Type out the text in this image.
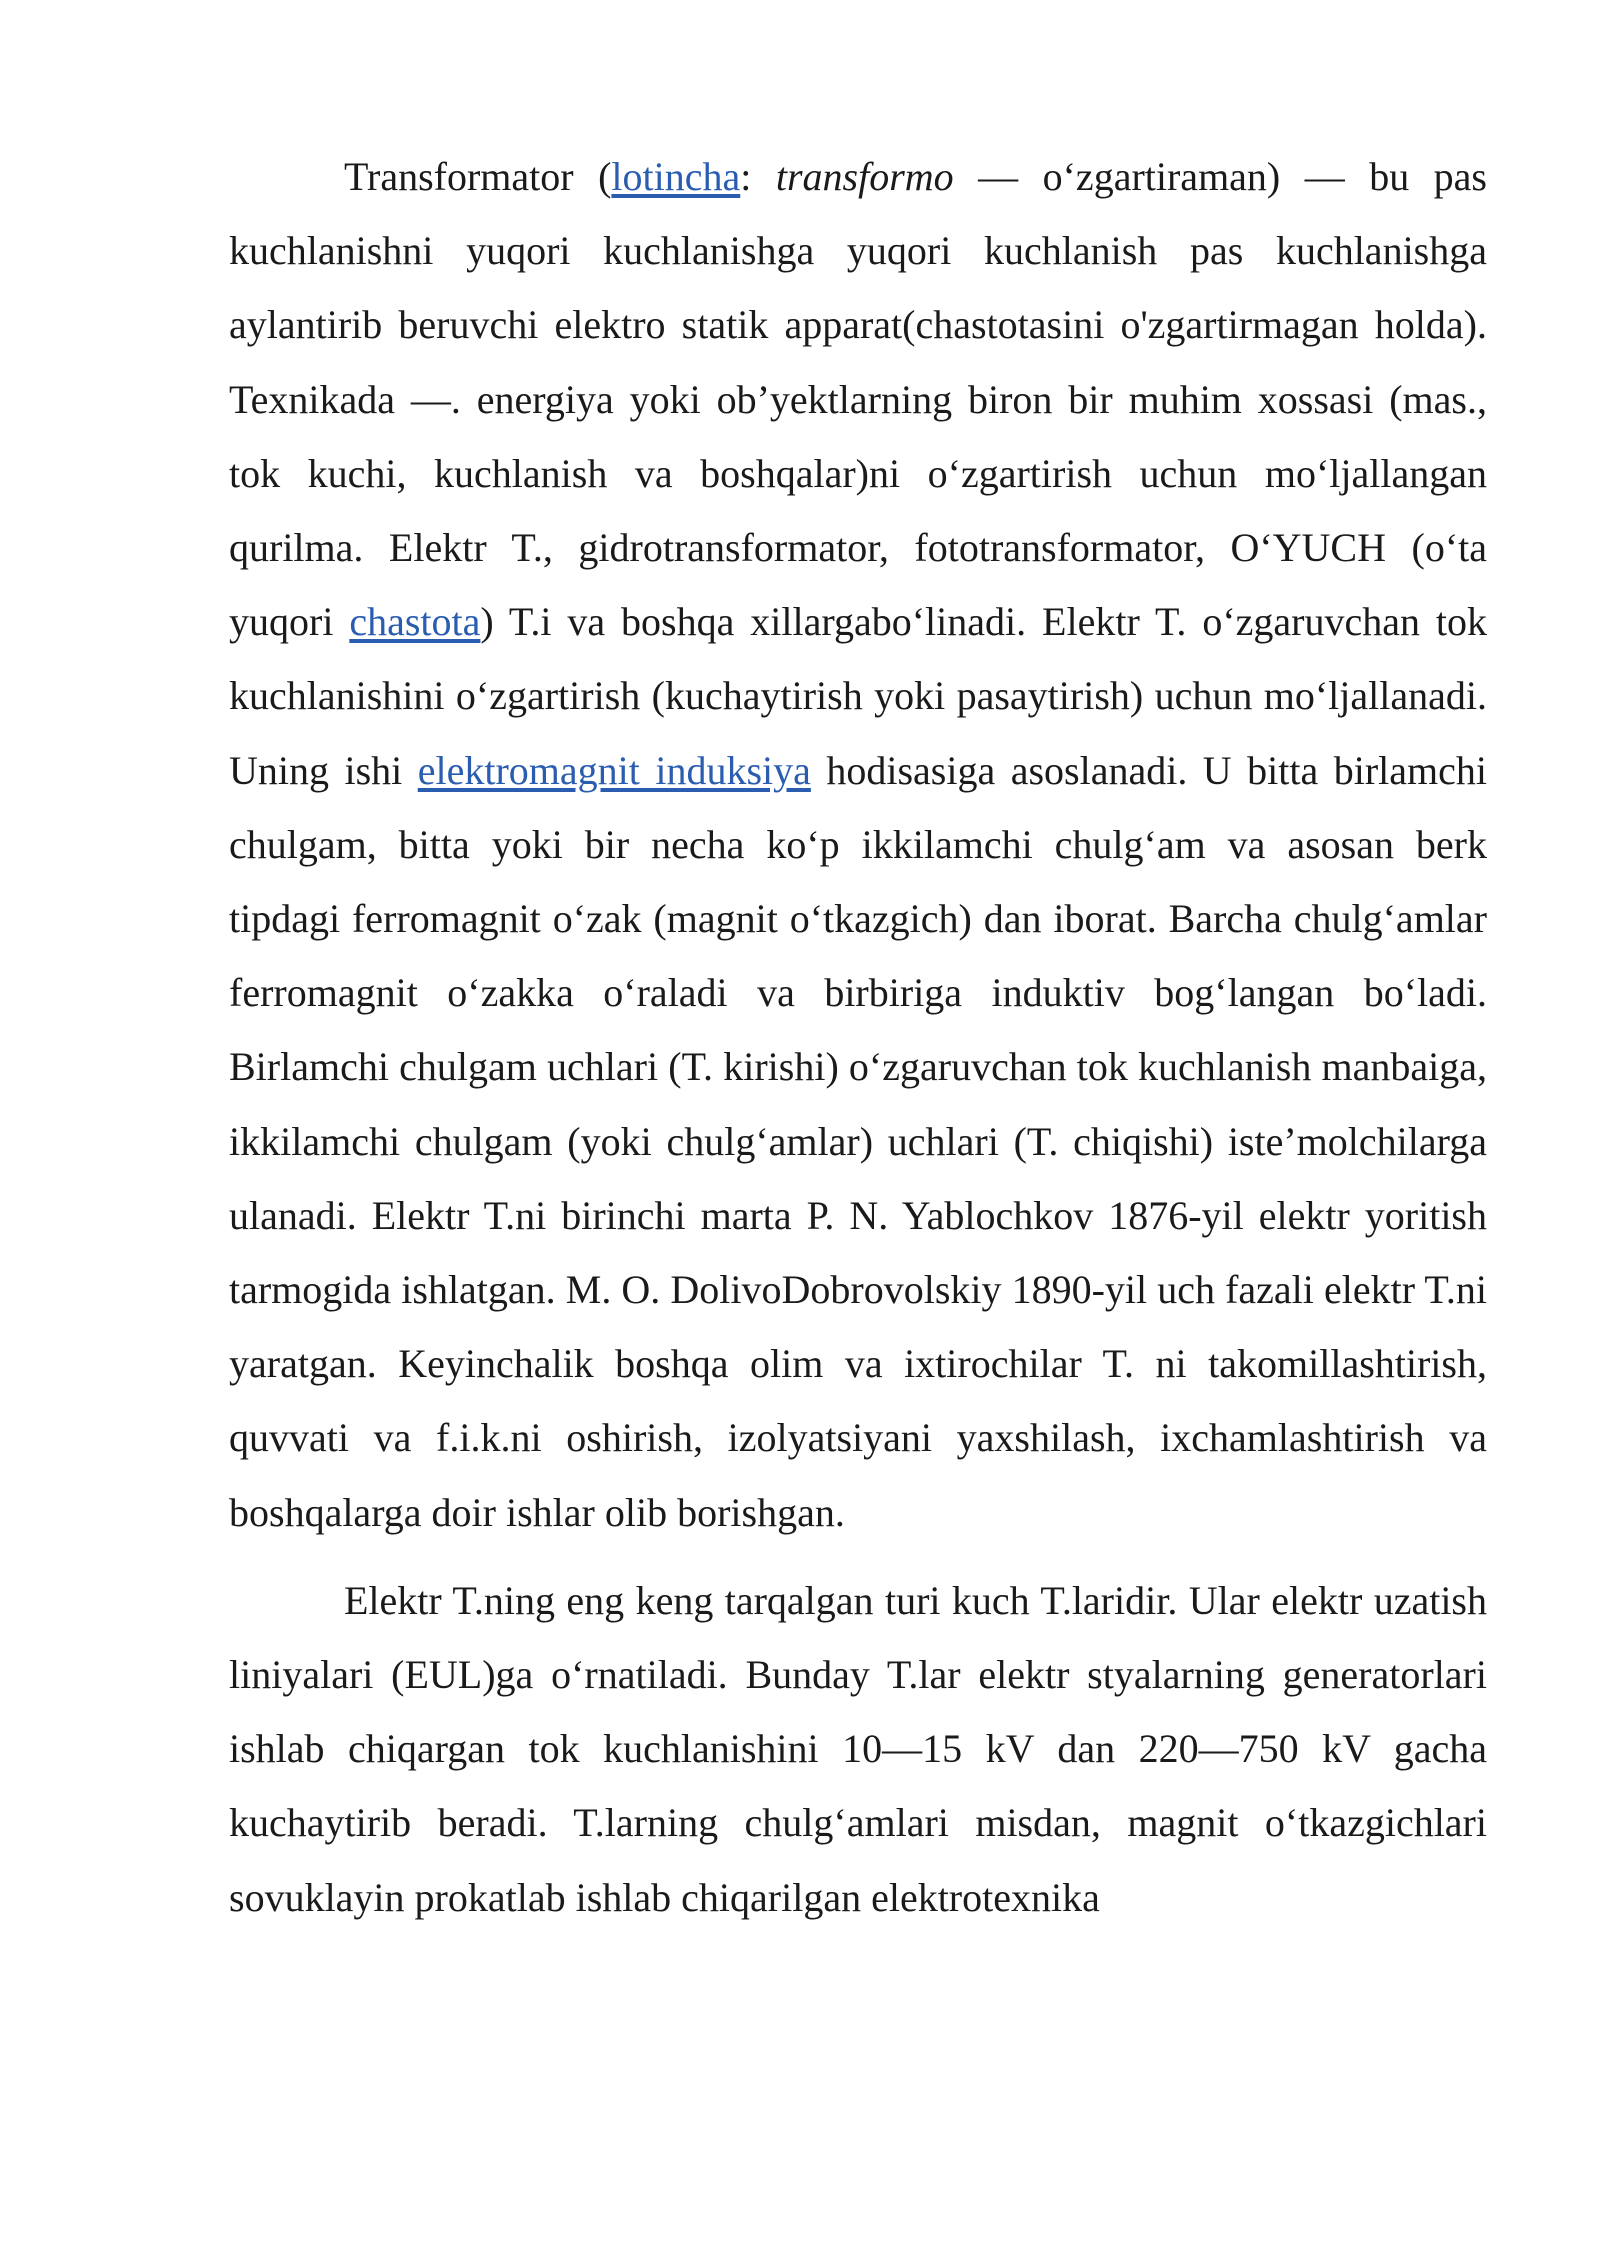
Transformator (lotincha: transformo — oʻzgartiraman) — bu pas kuchlanishni yuqori kuchlanishga yuqori kuchlanish pas kuchlanishga aylantirib beruvchi elektro statik apparat(chastotasini o'zgartirmagan holda). Texnikada —. energiya yoki ob’yektlarning biron bir muhim xossasi (mas., tok kuchi, kuchlanish va boshqalar)ni oʻzgartirish uchun moʻljallangan qurilma. Elektr T., gidrotransformator, fototransformator, OʻYUCH (oʻta yuqori chastota) T.i va boshqa xillargaboʻlinadi. Elektr T. oʻzgaruvchan tok kuchlanishini oʻzgartirish (kuchaytirish yoki pasaytirish) uchun moʻljallanadi. Uning ishi elektromagnit induksiya hodisasiga asoslanadi. U bitta birlamchi chulgam, bitta yoki bir necha koʻp ikkilamchi chulgʻam va asosan berk tipdagi ferromagnit oʻzak (magnit oʻtkazgich) dan iborat. Barcha chulgʻamlar ferromagnit oʻzakka oʻraladi va birbiriga induktiv bogʻlangan boʻladi. Birlamchi chulgam uchlari (T. kirishi) oʻzgaruvchan tok kuchlanish manbaiga, ikkilamchi chulgam (yoki chulgʻamlar) uchlari (T. chiqishi) iste’molchilarga ulanadi. Elektr T.ni birinchi marta P. N. Yablochkov 1876-yil elektr yoritish tarmogida ishlatgan. M. O. DolivoDobrovolskiy 1890-yil uch fazali elektr T.ni yaratgan. Keyinchalik boshqa olim va ixtirochilar T. ni takomillashtirish, quvvati va f.i.k.ni oshirish, izolyatsiyani yaxshilash, ixchamlashtirish va boshqalarga doir ishlar olib borishgan.

Elektr T.ning eng keng tarqalgan turi kuch T.laridir. Ular elektr uzatish liniyalari (EUL)ga oʻrnatiladi. Bunday T.lar elektr styalarning generatorlari ishlab chiqargan tok kuchlanishini 10—15 kV dan 220—750 kV gacha kuchaytirib beradi. T.larning chulgʻamlari misdan, magnit oʻtkazgichlari sovuklayin prokatlab ishlab chiqarilgan elektrotexnika
